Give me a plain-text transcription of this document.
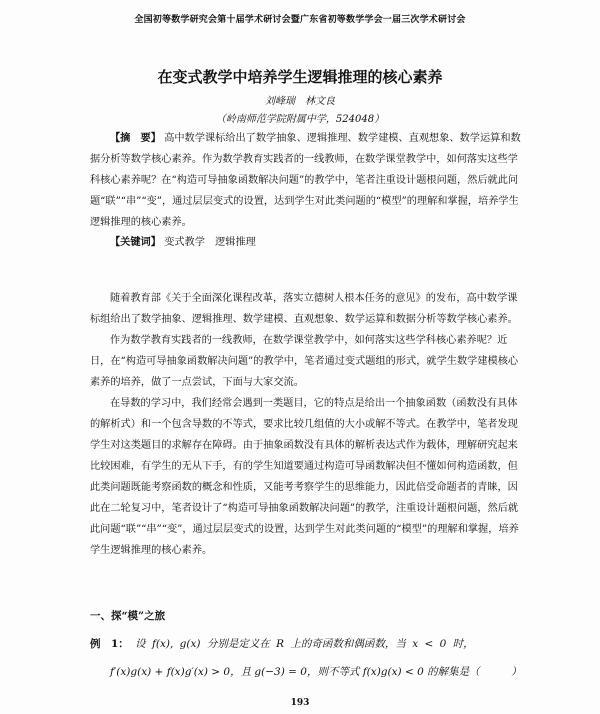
全国初等数学研究会第十届学术研讨会暨广东省初等数学学会一届三次学术研讨会
在变式教学中培养学生逻辑推理的核心素养
刘峰瑞　林文良
（岭南师范学院附属中学，524048）

【摘　要】 高中数学课标给出了数学抽象、逻辑推理、数学建模、直观想象、数学运算和数据分析等数学核心素养。作为数学教育实践者的一线教师，在数学课堂教学中，如何落实这些学科核心素养呢？在“构造可导抽象函数解决问题”的教学中，笔者注重设计题根问题，然后就此问题“联”“串”“变”，通过层层变式的设置，达到学生对此类问题的“模型”的理解和掌握，培养学生逻辑推理的核心素养。

【关键词】 变式教学　逻辑推理

随着教育部《关于全面深化课程改革，落实立德树人根本任务的意见》的发布，高中数学课标组给出了数学抽象、逻辑推理、数学建模、直观想象、数学运算和数据分析等数学核心素养。

作为数学教育实践者的一线教师，在数学课堂教学中，如何落实这些学科核心素养呢？近日，在“构造可导抽象函数解决问题”的教学中，笔者通过变式题组的形式，就学生数学建模核心素养的培养，做了一点尝试，下面与大家交流。

在导数的学习中，我们经常会遇到一类题目，它的特点是给出一个抽象函数（函数没有具体的解析式）和一个包含导数的不等式，要求比较几组值的大小或解不等式。在教学中，笔者发现学生对这类题目的求解存在障碍。由于抽象函数没有具体的解析表达式作为载体，理解研究起来比较困难，有学生的无从下手，有的学生知道要通过构造可导函数解决但不懂如何构造函数，但此类问题既能考察函数的概念和性质，又能考考察学生的思维能力，因此倍受命题者的青睐，因此在二轮复习中，笔者设计了“构造可导抽象函数解决问题”的教学，注重设计题根问题，然后就此问题“联”“串”“变”，通过层层变式的设置，达到学生对此类问题的“模型”的理解和掌握，培养学生逻辑推理的核心素养。

一、探“模”之旅
例　1： 设 f(x), g(x) 分别是定义在 R 上的奇函数和偶函数，当 x < 0 时，
f′(x)g(x) + f(x)g′(x) > 0，且 g(−3) = 0，则不等式 f(x)g(x) < 0 的解集是（　　　）
193
